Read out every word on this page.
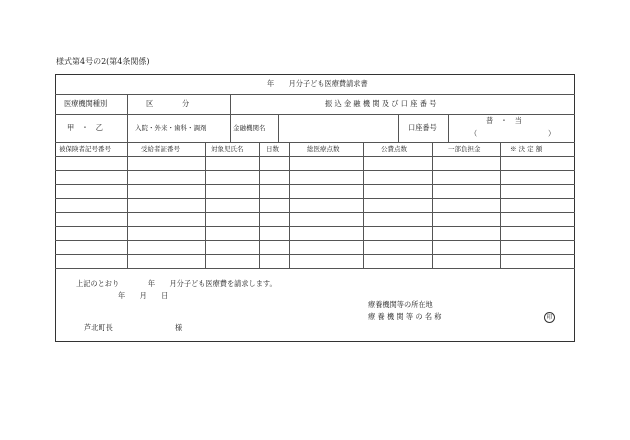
様式第4号の2(第4条関係)
年　　月分子ども医療費請求書
医療機関種別	区　　　　分	振 込 金 融 機 関 及 び 口 座 番 号
甲　・　乙	入院・外来・歯科・調剤	金融機関名	口座番号
普　・　当
（	）
被保険者記号番号	受給者証番号	対象児氏名	日数	総医療点数	公費点数	一部負担金	※ 決 定 額
上記のとおり　　　　年　　月分子ども医療費を請求します。
年　　月　　日
療養機関等の所在地
療 養 機 関 等 の 名 称	印
芦北町長	様
